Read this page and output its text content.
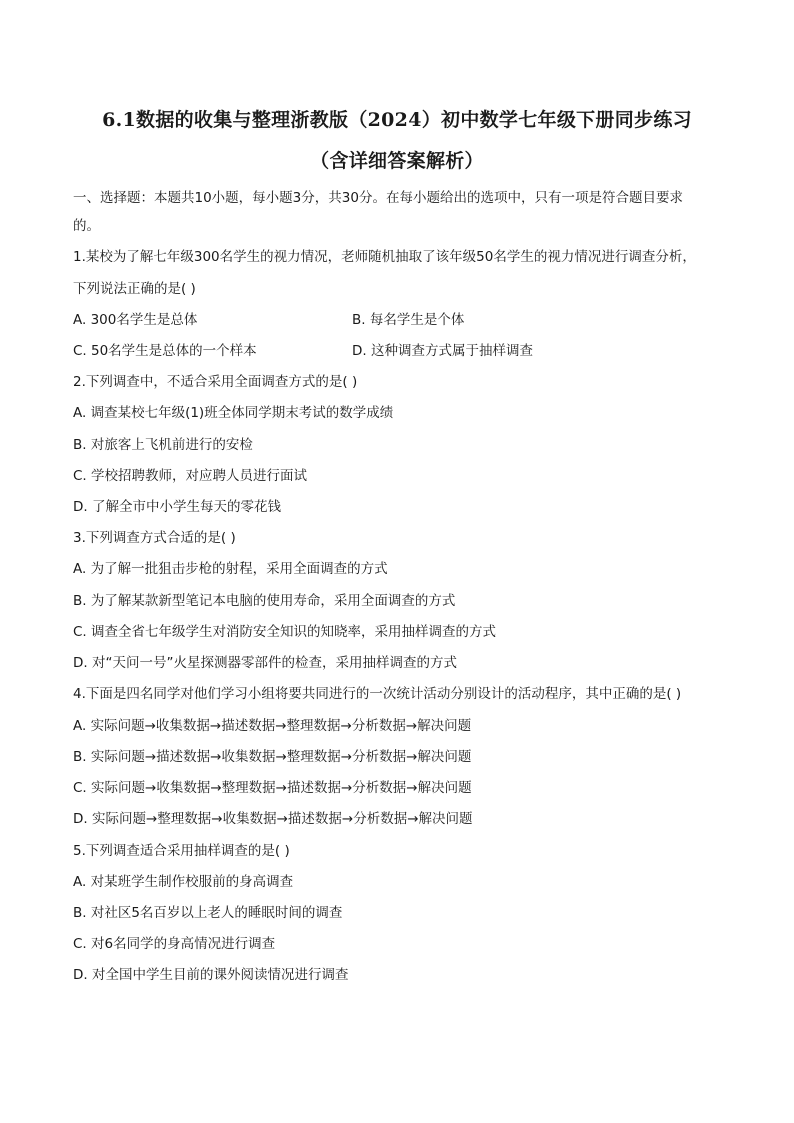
6.1数据的收集与整理浙教版（2024）初中数学七年级下册同步练习
（含详细答案解析）
一、选择题：本题共10小题，每小题3分，共30分。在每小题给出的选项中，只有一项是符合题目要求
的。
1.某校为了解七年级300名学生的视力情况，老师随机抽取了该年级50名学生的视力情况进行调查分析，
下列说法正确的是( )
A. 300名学生是总体	B. 每名学生是个体
C. 50名学生是总体的一个样本	D. 这种调查方式属于抽样调查
2.下列调查中，不适合采用全面调查方式的是( )
A. 调查某校七年级(1)班全体同学期末考试的数学成绩
B. 对旅客上飞机前进行的安检
C. 学校招聘教师，对应聘人员进行面试
D. 了解全市中小学生每天的零花钱
3.下列调查方式合适的是( )
A. 为了解一批狙击步枪的射程，采用全面调查的方式
B. 为了解某款新型笔记本电脑的使用寿命，采用全面调查的方式
C. 调查全省七年级学生对消防安全知识的知晓率，采用抽样调查的方式
D. 对“天问一号”火星探测器零部件的检查，采用抽样调查的方式
4.下面是四名同学对他们学习小组将要共同进行的一次统计活动分别设计的活动程序，其中正确的是( )
A. 实际问题→收集数据→描述数据→整理数据→分析数据→解决问题
B. 实际问题→描述数据→收集数据→整理数据→分析数据→解决问题
C. 实际问题→收集数据→整理数据→描述数据→分析数据→解决问题
D. 实际问题→整理数据→收集数据→描述数据→分析数据→解决问题
5.下列调查适合采用抽样调查的是( )
A. 对某班学生制作校服前的身高调查
B. 对社区5名百岁以上老人的睡眠时间的调查
C. 对6名同学的身高情况进行调查
D. 对全国中学生目前的课外阅读情况进行调查
